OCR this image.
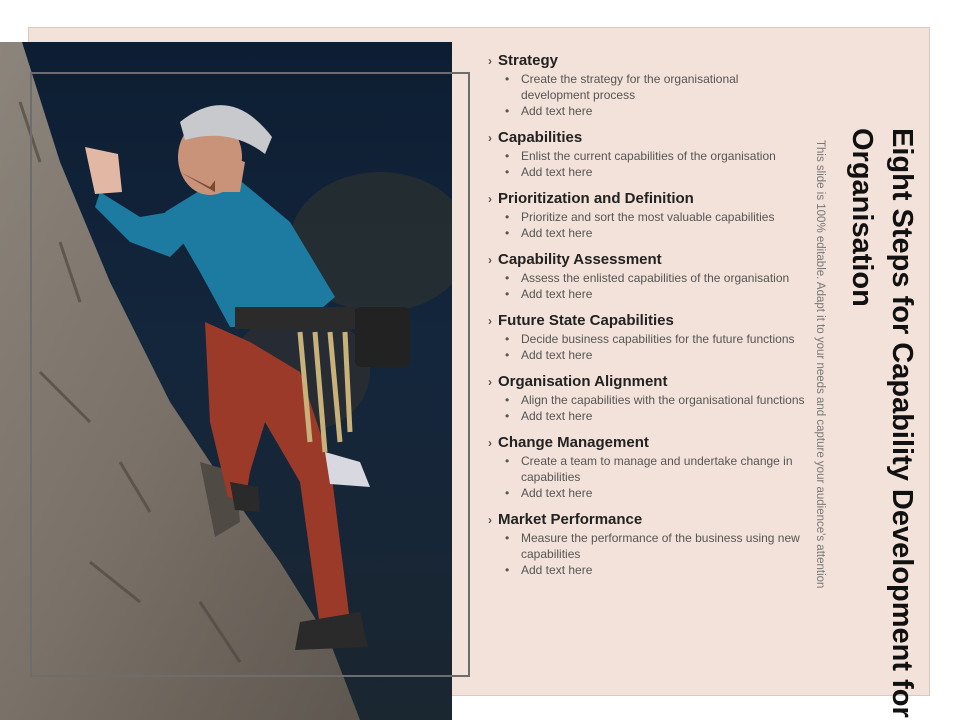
› Strategy
• Create the strategy for the organisational development process
• Add text here
› Capabilities
• Enlist the current capabilities of the organisation
• Add text here
› Prioritization and Definition
• Prioritize and sort the most valuable capabilities
• Add text here
› Capability Assessment
• Assess the enlisted capabilities of the organisation
• Add text here
› Future State Capabilities
• Decide business capabilities for the future functions
• Add text here
› Organisation Alignment
• Align the capabilities with the organisational functions
• Add text here
› Change Management
• Create a team to manage and undertake change in capabilities
• Add text here
› Market Performance
• Measure the performance of the business using new capabilities
• Add text here	Eight Steps for Capability Development for Organisation
This slide is 100% editable. Adapt it to your needs and capture your audience's attention
